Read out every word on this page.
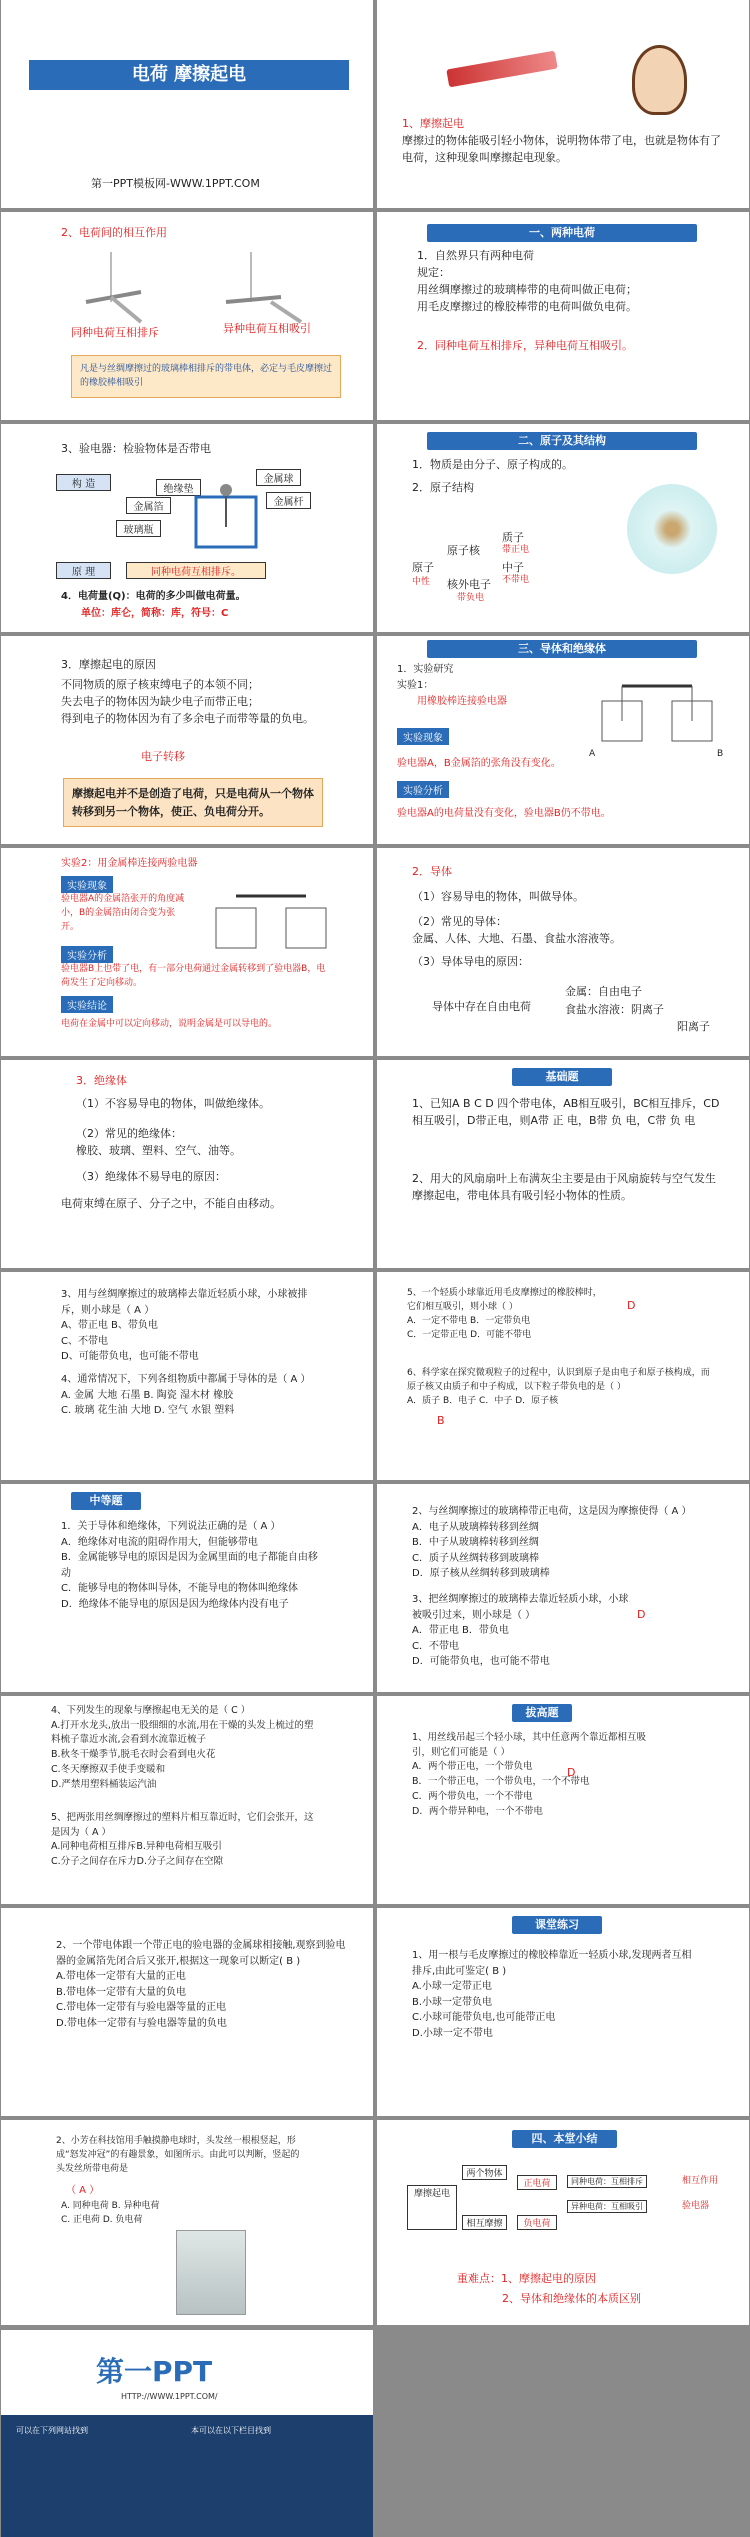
电荷 摩擦起电
第一PPT模板网-WWW.1PPT.COM
1、摩擦起电
摩擦过的物体能吸引轻小物体，说明物体带了电，也就是物体有了电荷，这种现象叫摩擦起电现象。
2、电荷间的相互作用
同种电荷互相排斥	异种电荷互相吸引
凡是与丝绸摩擦过的玻璃棒相排斥的带电体，必定与毛皮摩擦过的橡胶棒相吸引
一、两种电荷
1．自然界只有两种电荷
规定：
用丝绸摩擦过的玻璃棒带的电荷叫做正电荷；
用毛皮摩擦过的橡胶棒带的电荷叫做负电荷。
2．同种电荷互相排斥，异种电荷互相吸引。
3、验电器：检验物体是否带电
构 造	绝缘垫
金属球
金属杆
金属箔
玻璃瓶
原 理	同种电荷互相排斥。
4．电荷量(Q)：电荷的多少叫做电荷量。
单位：库仑，简称：库，符号：C
二、原子及其结构
1．物质是由分子、原子构成的。
2．原子结构
原子
原子核
核外电子
质子
中子
带正电
不带电
带负电
中性
3．摩擦起电的原因
不同物质的原子核束缚电子的本领不同；
失去电子的物体因为缺少电子而带正电；
得到电子的物体因为有了多余电子而带等量的负电。
电子转移
摩擦起电并不是创造了电荷，只是电荷从一个物体转移到另一个物体，使正、负电荷分开。
三、导体和绝缘体
1．实验研究
实验1：
用橡胶棒连接验电器
A	B
实验现象
验电器A，B金属箔的张角没有变化。
实验分析
验电器A的电荷量没有变化，验电器B仍不带电。
实验2：用金属棒连接两验电器
实验现象
验电器A的金属箔张开的角度减小，B的金属箔由闭合变为张开。
实验分析
验电器B上也带了电，有一部分电荷通过金属转移到了验电器B，电荷发生了定向移动。
实验结论
电荷在金属中可以定向移动，说明金属是可以导电的。
2．导体
（1）容易导电的物体，叫做导体。
（2）常见的导体：
金属、人体、大地、石墨、食盐水溶液等。
（3）导体导电的原因：
导体中存在自由电荷
金属：自由电子
食盐水溶液：阴离子
阳离子
3．绝缘体
（1）不容易导电的物体，叫做绝缘体。
（2）常见的绝缘体：
橡胶、玻璃、塑料、空气、油等。
（3）绝缘体不易导电的原因：
电荷束缚在原子、分子之中，不能自由移动。
基础题
1、已知A B C D 四个带电体，AB相互吸引，BC相互排斥，CD相互吸引，D带正电，则A带 正 电，B带 负 电，C带 负 电
2、用大的风扇扇叶上布满灰尘主要是由于风扇旋转与空气发生摩擦起电，带电体具有吸引轻小物体的性质。
3、用与丝绸摩擦过的玻璃棒去靠近轻质小球，小球被排斥，则小球是（ A ）
A、带正电 B、带负电
C、不带电
D、可能带负电，也可能不带电
4、通常情况下，下列各组物质中都属于导体的是（ A ）
A. 金属 大地 石墨 B. 陶瓷 湿木材 橡胶
C. 玻璃 花生油 大地 D. 空气 水银 塑料
5、一个轻质小球靠近用毛皮摩擦过的橡胶棒时，它们相互吸引，则小球（ ）
A．一定不带电 B．一定带负电
C．一定带正电 D．可能不带电
D
6、科学家在探究微观粒子的过程中，认识到原子是由电子和原子核构成，而原子核又由质子和中子构成，以下粒子带负电的是（ ）
A．质子 B．电子 C．中子 D．原子核
B
中等题
1．关于导体和绝缘体，下列说法正确的是（ A ）
A．绝缘体对电流的阻碍作用大，但能够带电
B．金属能够导电的原因是因为金属里面的电子都能自由移动
C．能够导电的物体叫导体，不能导电的物体叫绝缘体
D．绝缘体不能导电的原因是因为绝缘体内没有电子
2、与丝绸摩擦过的玻璃棒带正电荷，这是因为摩擦使得（ A ）
A．电子从玻璃棒转移到丝绸
B．中子从玻璃棒转移到丝绸
C．质子从丝绸转移到玻璃棒
D．原子核从丝绸转移到玻璃棒
3、把丝绸摩擦过的玻璃棒去靠近轻质小球，小球被吸引过来，则小球是（ ）
A．带正电 B．带负电
C．不带电
D．可能带负电，也可能不带电
D
4、下列发生的现象与摩擦起电无关的是（ C ）
A.打开水龙头,放出一股细细的水流,用在干燥的头发上梳过的塑料梳子靠近水流,会看到水流靠近梳子
B.秋冬干燥季节,脱毛衣时会看到电火花
C.冬天摩擦双手使手变暖和
D.严禁用塑料桶装运汽油
5、把两张用丝绸摩擦过的塑料片相互靠近时，它们会张开，这是因为（ A ）
A.同种电荷相互排斥B.异种电荷相互吸引
C.分子之间存在斥力D.分子之间存在空隙
拔高题
1、用丝线吊起三个轻小球，其中任意两个靠近都相互吸引，则它们可能是（ ）
A．两个带正电，一个带负电
B．一个带正电，一个带负电，一个不带电
C．两个带负电，一个不带电
D．两个带异种电，一个不带电
D
2、一个带电体跟一个带正电的验电器的金属球相接触,观察到验电器的金属箔先闭合后又张开,根据这一现象可以断定( B )
A.带电体一定带有大量的正电
B.带电体一定带有大量的负电
C.带电体一定带有与验电器等量的正电
D.带电体一定带有与验电器等量的负电
课堂练习
1、用一根与毛皮摩擦过的橡胶棒靠近一轻质小球,发现两者互相排斥,由此可鉴定( B )
A.小球一定带正电
B.小球一定带负电
C.小球可能带负电,也可能带正电
D.小球一定不带电
2、小芳在科技馆用手触摸静电球时，头发丝一根根竖起，形成“怒发冲冠”的有趣景象，如图所示。由此可以判断，竖起的头发丝所带电荷是
（ A ）
A. 同种电荷 B. 异种电荷
C. 正电荷 D. 负电荷
四、本堂小结
摩擦起电
两个物体
相互摩擦
正电荷
负电荷
同种电荷：互相排斥
异种电荷：互相吸引
相互作用
验电器
重难点：1、摩擦起电的原因
2、导体和绝缘体的本质区别
第一PPT
HTTP://WWW.1PPT.COM/
可以在下列网站找到	本可以在以下栏目找到
